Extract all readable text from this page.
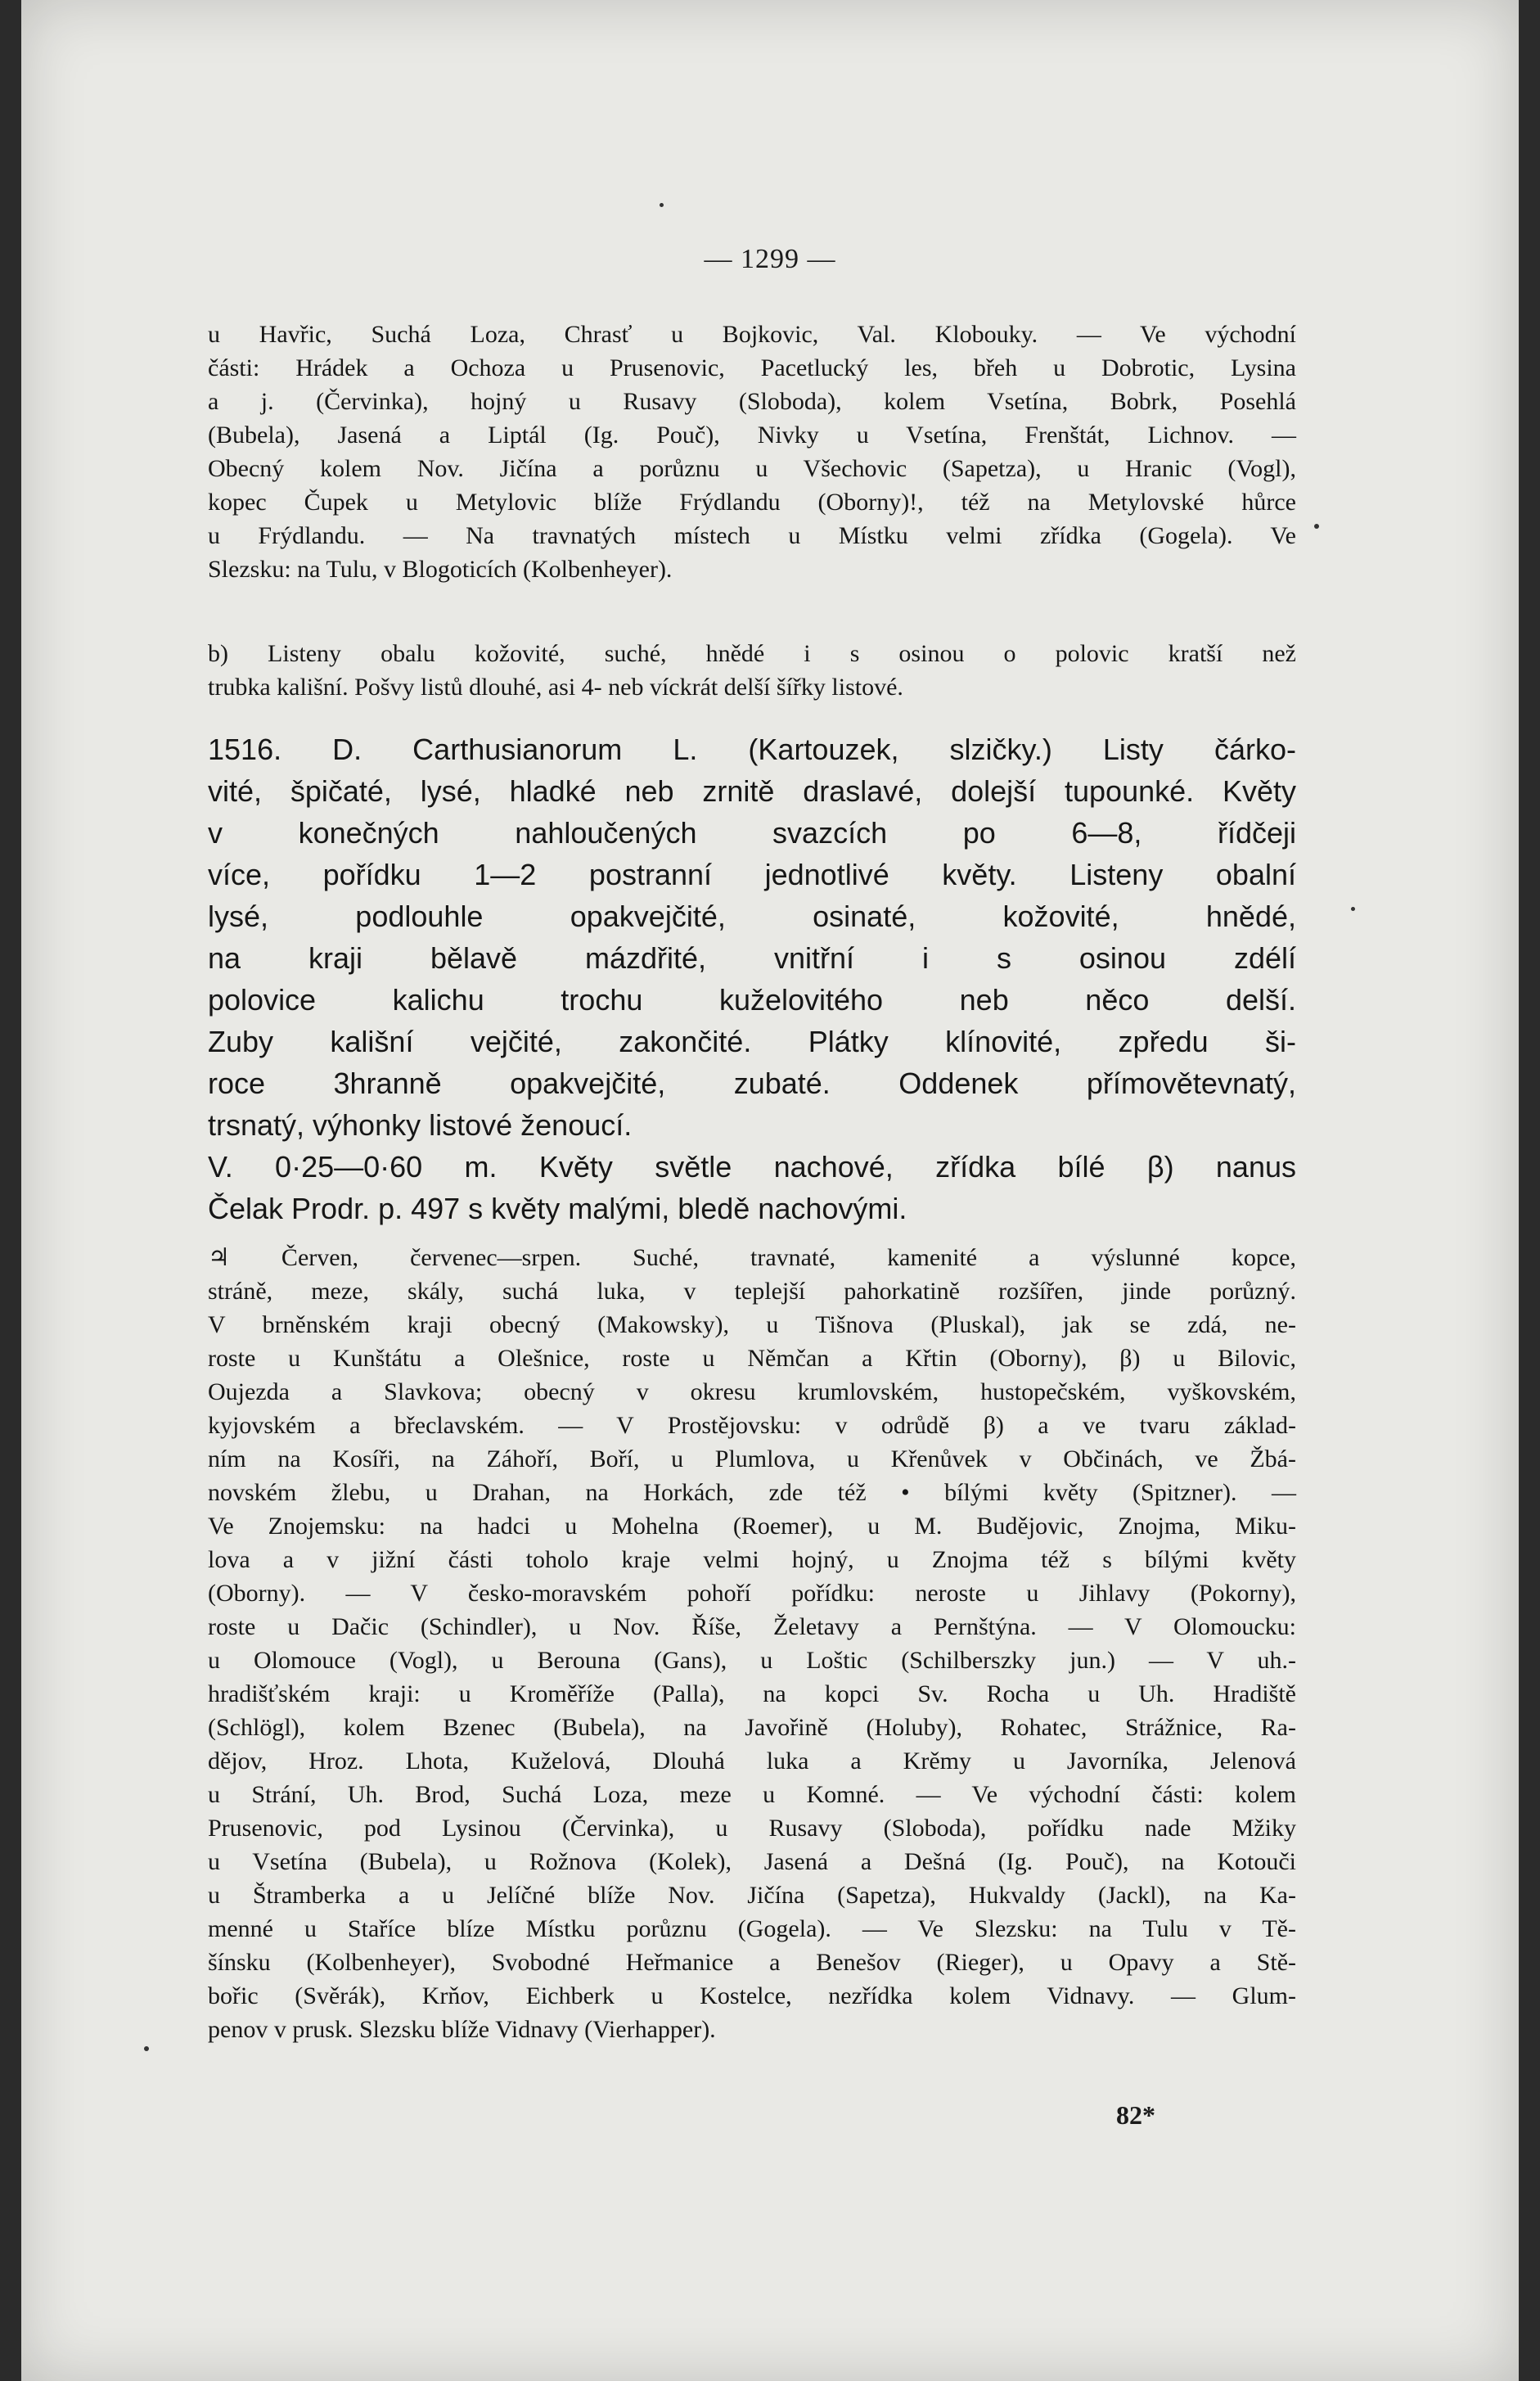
— 1299 —

u Havřic, Suchá Loza, Chrasť u Bojkovic, Val. Klobouky. — Ve východní

části: Hrádek a Ochoza u Prusenovic, Pacetlucký les, břeh u Dobrotic, Lysina

a j. (Červinka), hojný u Rusavy (Sloboda), kolem Vsetína, Bobrk, Posehlá

(Bubela), Jasená a Liptál (Ig. Pouč), Nivky u Vsetína, Frenštát, Lichnov. —

Obecný kolem Nov. Jičína a porůznu u Všechovic (Sapetza), u Hranic (Vogl),

kopec Čupek u Metylovic blíže Frýdlandu (Oborny)!, též na Metylovské hůrce

u Frýdlandu. — Na travnatých místech u Místku velmi zřídka (Gogela). Ve

Slezsku: na Tulu, v Blogoticích (Kolbenheyer).

b) Listeny obalu kožovité, suché, hnědé i s osinou o polovic kratší než

trubka kališní. Pošvy listů dlouhé, asi 4- neb víckrát delší šířky listové.

1516. D. Carthusianorum L. (Kartouzek, slzičky.) Listy čárko-

vité, špičaté, lysé, hladké neb zrnitě draslavé, dolejší tupounké. Květy

v konečných nahloučených svazcích po 6—8, řídčeji

více, pořídku 1—2 postranní jednotlivé květy. Listeny obalní

lysé, podlouhle opakvejčité, osinaté, kožovité, hnědé,

na kraji bělavě mázdřité, vnitřní i s osinou zdélí

polovice kalichu trochu kuželovitého neb něco delší.

Zuby kališní vejčité, zakončité. Plátky klínovité, zpředu ši-

roce 3hranně opakvejčité, zubaté. Oddenek přímovětevnatý,

trsnatý, výhonky listové ženoucí.

V. 0·25—0·60 m. Květy světle nachové, zřídka bílé β) nanus

Čelak Prodr. p. 497 s květy malými, bledě nachovými.

♃ Červen, červenec—srpen. Suché, travnaté, kamenité a výslunné kopce,

stráně, meze, skály, suchá luka, v teplejší pahorkatině rozšířen, jinde porůzný.

V brněnském kraji obecný (Makowsky), u Tišnova (Pluskal), jak se zdá, ne-

roste u Kunštátu a Olešnice, roste u Němčan a Křtin (Oborny), β) u Bilovic,

Oujezda a Slavkova; obecný v okresu krumlovském, hustopečském, vyškovském,

kyjovském a břeclavském. — V Prostějovsku: v odrůdě β) a ve tvaru základ-

ním na Kosíři, na Záhoří, Boří, u Plumlova, u Křenůvek v Občinách, ve Žbá-

novském žlebu, u Drahan, na Horkách, zde též • bílými květy (Spitzner). —

Ve Znojemsku: na hadci u Mohelna (Roemer), u M. Budějovic, Znojma, Miku-

lova a v jižní části toholo kraje velmi hojný, u Znojma též s bílými květy

(Oborny). — V česko-moravském pohoří pořídku: neroste u Jihlavy (Pokorny),

roste u Dačic (Schindler), u Nov. Říše, Želetavy a Pernštýna. — V Olomoucku:

u Olomouce (Vogl), u Berouna (Gans), u Loštic (Schilberszky jun.) — V uh.-

hradišťském kraji: u Kroměříže (Palla), na kopci Sv. Rocha u Uh. Hradiště

(Schlögl), kolem Bzenec (Bubela), na Javořině (Holuby), Rohatec, Strážnice, Ra-

dějov, Hroz. Lhota, Kuželová, Dlouhá luka a Krěmy u Javorníka, Jelenová

u Strání, Uh. Brod, Suchá Loza, meze u Komné. — Ve východní části: kolem

Prusenovic, pod Lysinou (Červinka), u Rusavy (Sloboda), pořídku nade Mžiky

u Vsetína (Bubela), u Rožnova (Kolek), Jasená a Dešná (Ig. Pouč), na Kotouči

u Štramberka a u Jelíčné blíže Nov. Jičína (Sapetza), Hukvaldy (Jackl), na Ka-

menné u Staříce blíze Místku porůznu (Gogela). — Ve Slezsku: na Tulu v Tě-

šínsku (Kolbenheyer), Svobodné Heřmanice a Benešov (Rieger), u Opavy a Stě-

bořic (Svěrák), Krňov, Eichberk u Kostelce, nezřídka kolem Vidnavy. — Glum-

penov v prusk. Slezsku blíže Vidnavy (Vierhapper).

82*
